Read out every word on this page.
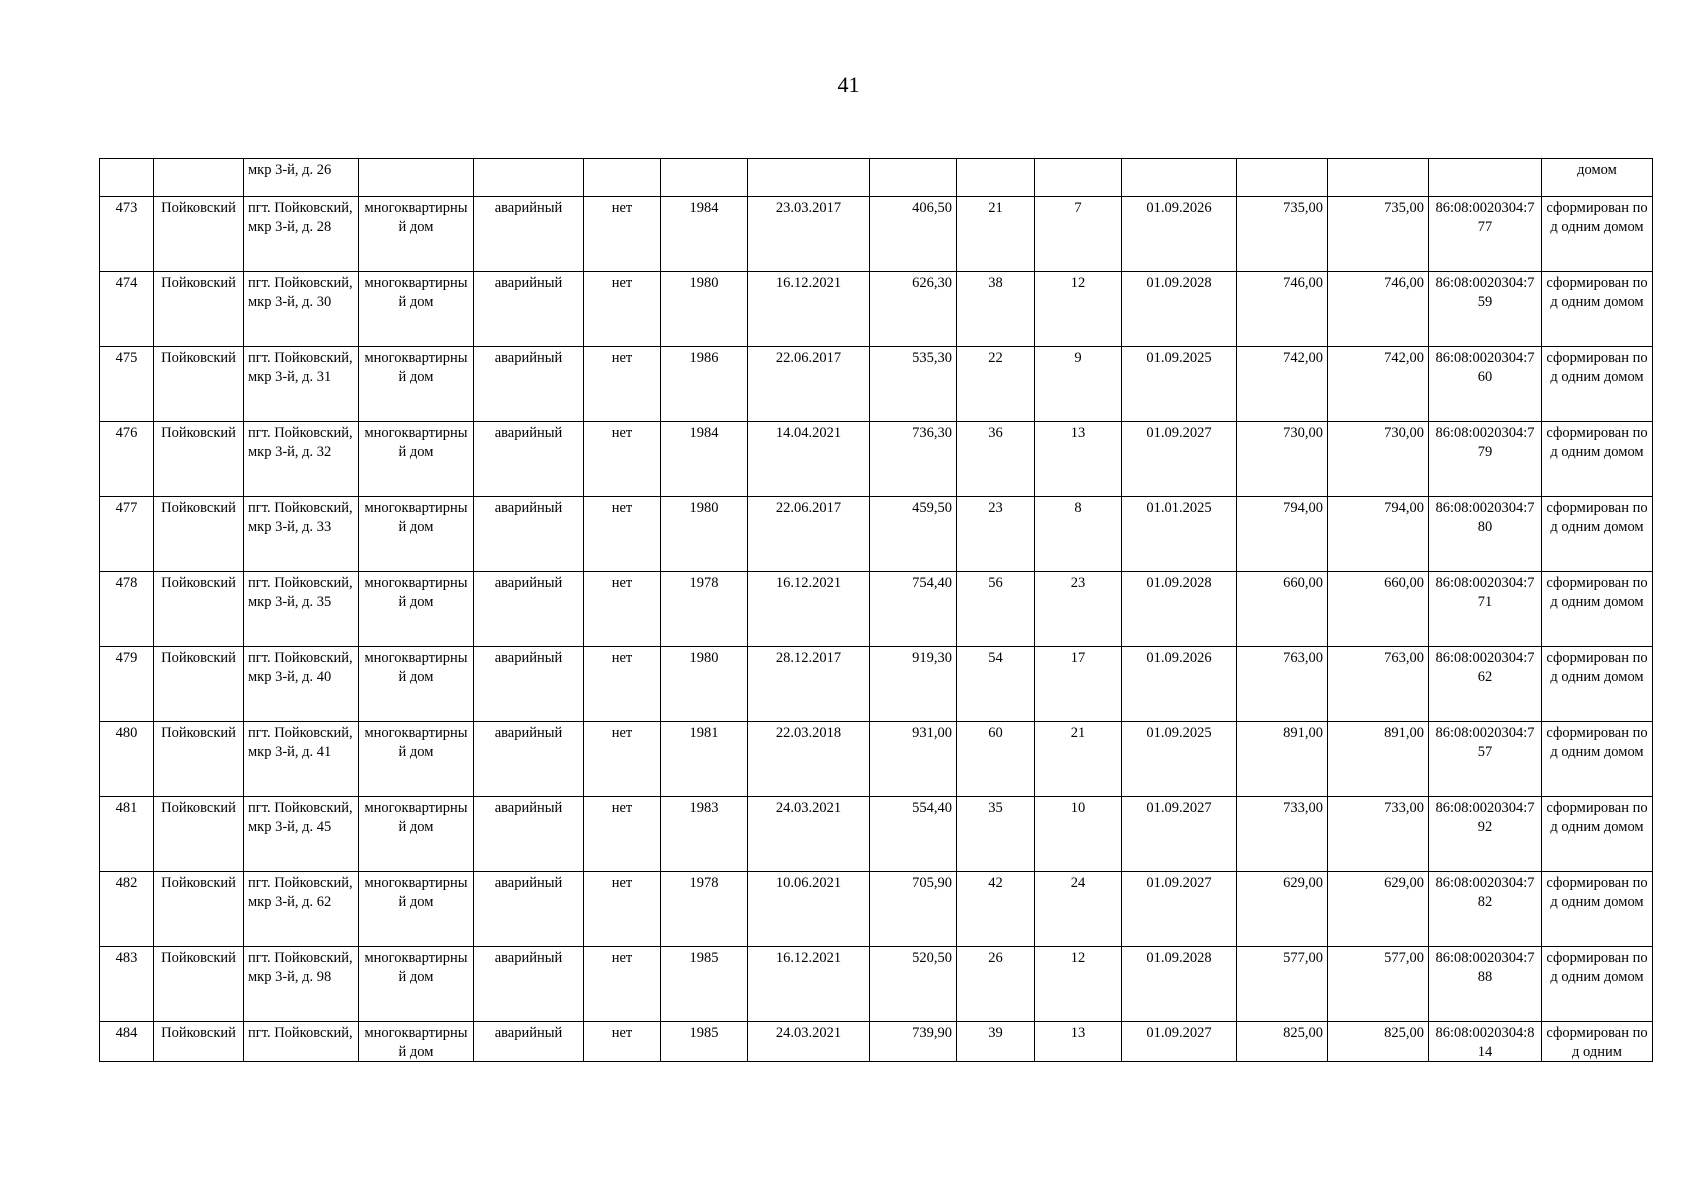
41
		мкр 3-й, д. 26													домом
473	Пойковский	пгт. Пойковский, мкр 3-й, д. 28	многоквартирный дом	аварийный	нет	1984	23.03.2017	406,50	21	7	01.09.2026	735,00	735,00	86:08:0020304:777	сформирован под одним домом
474	Пойковский	пгт. Пойковский, мкр 3-й, д. 30	многоквартирный дом	аварийный	нет	1980	16.12.2021	626,30	38	12	01.09.2028	746,00	746,00	86:08:0020304:759	сформирован под одним домом
475	Пойковский	пгт. Пойковский, мкр 3-й, д. 31	многоквартирный дом	аварийный	нет	1986	22.06.2017	535,30	22	9	01.09.2025	742,00	742,00	86:08:0020304:760	сформирован под одним домом
476	Пойковский	пгт. Пойковский, мкр 3-й, д. 32	многоквартирный дом	аварийный	нет	1984	14.04.2021	736,30	36	13	01.09.2027	730,00	730,00	86:08:0020304:779	сформирован под одним домом
477	Пойковский	пгт. Пойковский, мкр 3-й, д. 33	многоквартирный дом	аварийный	нет	1980	22.06.2017	459,50	23	8	01.01.2025	794,00	794,00	86:08:0020304:780	сформирован под одним домом
478	Пойковский	пгт. Пойковский, мкр 3-й, д. 35	многоквартирный дом	аварийный	нет	1978	16.12.2021	754,40	56	23	01.09.2028	660,00	660,00	86:08:0020304:771	сформирован под одним домом
479	Пойковский	пгт. Пойковский, мкр 3-й, д. 40	многоквартирный дом	аварийный	нет	1980	28.12.2017	919,30	54	17	01.09.2026	763,00	763,00	86:08:0020304:762	сформирован под одним домом
480	Пойковский	пгт. Пойковский, мкр 3-й, д. 41	многоквартирный дом	аварийный	нет	1981	22.03.2018	931,00	60	21	01.09.2025	891,00	891,00	86:08:0020304:757	сформирован под одним домом
481	Пойковский	пгт. Пойковский, мкр 3-й, д. 45	многоквартирный дом	аварийный	нет	1983	24.03.2021	554,40	35	10	01.09.2027	733,00	733,00	86:08:0020304:792	сформирован под одним домом
482	Пойковский	пгт. Пойковский, мкр 3-й, д. 62	многоквартирный дом	аварийный	нет	1978	10.06.2021	705,90	42	24	01.09.2027	629,00	629,00	86:08:0020304:782	сформирован под одним домом
483	Пойковский	пгт. Пойковский, мкр 3-й, д. 98	многоквартирный дом	аварийный	нет	1985	16.12.2021	520,50	26	12	01.09.2028	577,00	577,00	86:08:0020304:788	сформирован под одним домом
484	Пойковский	пгт. Пойковский,	многоквартирный дом	аварийный	нет	1985	24.03.2021	739,90	39	13	01.09.2027	825,00	825,00	86:08:0020304:814	сформирован под одним
